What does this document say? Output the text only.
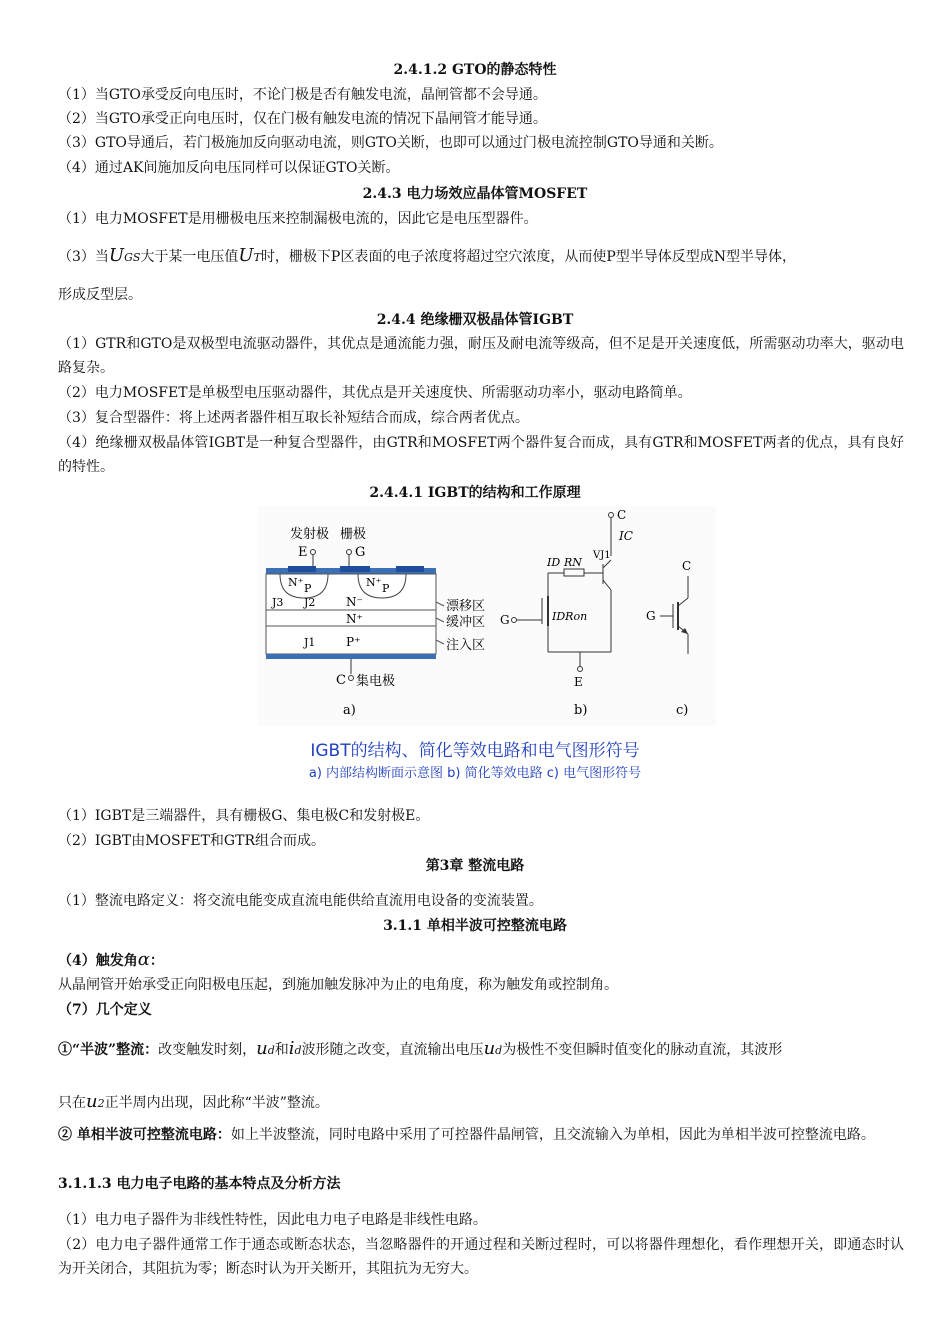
2.4.1.2 GTO的静态特性
（1）当GTO承受反向电压时，不论门极是否有触发电流，晶闸管都不会导通。
（2）当GTO承受正向电压时，仅在门极有触发电流的情况下晶闸管才能导通。
（3）GTO导通后，若门极施加反向驱动电流，则GTO关断，也即可以通过门极电流控制GTO导通和关断。
（4）通过AK间施加反向电压同样可以保证GTO关断。
2.4.3 电力场效应晶体管MOSFET
（1）电力MOSFET是用栅极电压来控制漏极电流的，因此它是电压型器件。
（3）当UGS大于某一电压值UT时，栅极下P区表面的电子浓度将超过空穴浓度，从而使P型半导体反型成N型半导体，
形成反型层。
2.4.4 绝缘栅双极晶体管IGBT
（1）GTR和GTO是双极型电流驱动器件，其优点是通流能力强，耐压及耐电流等级高，但不足是开关速度低，所需驱动功率大，驱动电路复杂。
（2）电力MOSFET是单极型电压驱动器件，其优点是开关速度快、所需驱动功率小，驱动电路简单。
（3）复合型器件：将上述两者器件相互取长补短结合而成，综合两者优点。
（4）绝缘栅双极晶体管IGBT是一种复合型器件，由GTR和MOSFET两个器件复合而成，具有GTR和MOSFET两者的优点，具有良好的特性。
2.4.4.1 IGBT的结构和工作原理
发射极 栅极
E	G
N⁺ P	N⁺ P
J3 J2	N⁻
N⁺
J1	P⁺
漂移区
缓冲区
注入区
C 集电极
a)
C
IC
VJ1
ID RN
G	IDRon
E
b)
C
G
c)
IGBT的结构、简化等效电路和电气图形符号
a) 内部结构断面示意图 b) 简化等效电路 c) 电气图形符号
（1）IGBT是三端器件，具有栅极G、集电极C和发射极E。
（2）IGBT由MOSFET和GTR组合而成。
第3章 整流电路
（1）整流电路定义：将交流电能变成直流电能供给直流用电设备的变流装置。
3.1.1 单相半波可控整流电路
（4）触发角α：
从晶闸管开始承受正向阳极电压起，到施加触发脉冲为止的电角度，称为触发角或控制角。
（7）几个定义
①“半波”整流：改变触发时刻，ud和id波形随之改变，直流输出电压ud为极性不变但瞬时值变化的脉动直流，其波形
只在u2正半周内出现，因此称“半波”整流。
② 单相半波可控整流电路：如上半波整流，同时电路中采用了可控器件晶闸管，且交流输入为单相，因此为单相半波可控整流电路。
3.1.1.3 电力电子电路的基本特点及分析方法
（1）电力电子器件为非线性特性，因此电力电子电路是非线性电路。
（2）电力电子器件通常工作于通态或断态状态，当忽略器件的开通过程和关断过程时，可以将器件理想化，看作理想开关，即通态时认为开关闭合，其阻抗为零；断态时认为开关断开，其阻抗为无穷大。
